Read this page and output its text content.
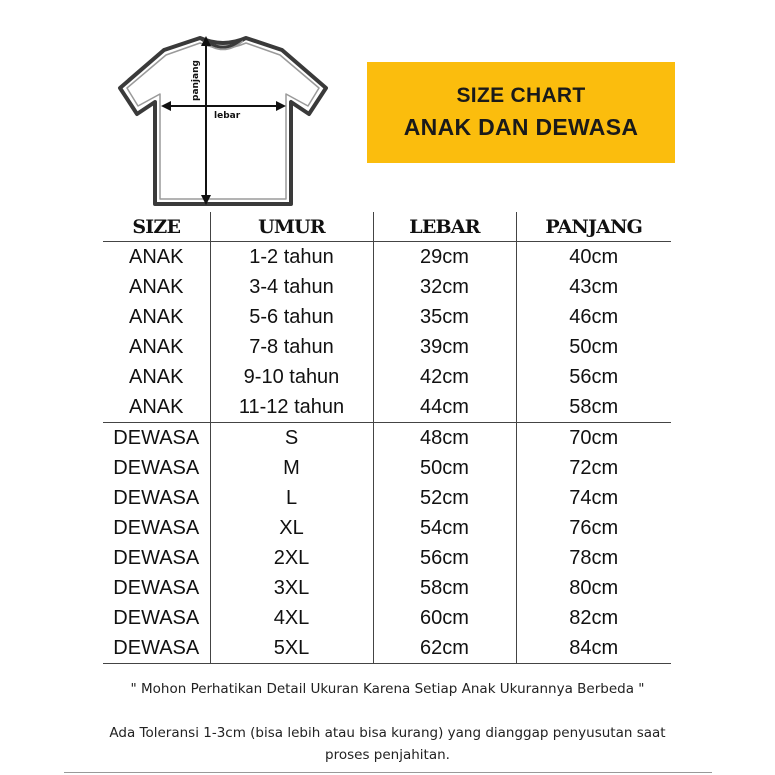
panjang
lebar
SIZE CHART
ANAK DAN DEWASA
SIZE	UMUR	LEBAR	PANJANG
ANAK	1-2 tahun	29cm	40cm
ANAK	3-4 tahun	32cm	43cm
ANAK	5-6 tahun	35cm	46cm
ANAK	7-8 tahun	39cm	50cm
ANAK	9-10 tahun	42cm	56cm
ANAK	11-12 tahun	44cm	58cm
DEWASA	S	48cm	70cm
DEWASA	M	50cm	72cm
DEWASA	L	52cm	74cm
DEWASA	XL	54cm	76cm
DEWASA	2XL	56cm	78cm
DEWASA	3XL	58cm	80cm
DEWASA	4XL	60cm	82cm
DEWASA	5XL	62cm	84cm
" Mohon Perhatikan Detail Ukuran Karena Setiap Anak Ukurannya Berbeda "
Ada Toleransi 1-3cm (bisa lebih atau bisa kurang) yang dianggap penyusutan saat
proses penjahitan.
